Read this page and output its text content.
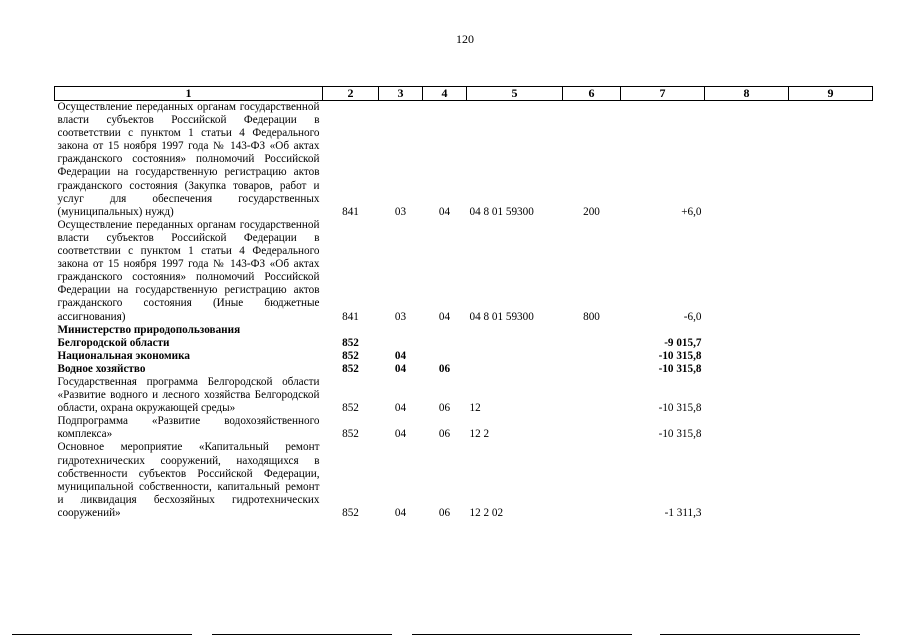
120
1	2	3	4	5	6	7	8	9
Осуществление переданных органам государственной власти субъектов Российской Федерации в соответствии с пунктом 1 статьи 4 Федерального закона от 15 ноября 1997 года № 143-ФЗ «Об актах гражданского состояния» полномочий Российской Федерации на государственную регистрацию актов гражданского состояния (Закупка товаров, работ и услуг для обеспечения государственных (муниципальных) нужд)	841	03	04	04 8 01 59300	200	+6,0		
Осуществление переданных органам государственной власти субъектов Российской Федерации в соответствии с пунктом 1 статьи 4 Федерального закона от 15 ноября 1997 года № 143-ФЗ «Об актах гражданского состояния» полномочий Российской Федерации на государственную регистрацию актов гражданского состояния (Иные бюджетные ассигнования)	841	03	04	04 8 01 59300	800	-6,0		
Министерство природопользования								
Белгородской области	852					-9 015,7		
Национальная экономика	852	04				-10 315,8		
Водное хозяйство	852	04	06			-10 315,8		
Государственная программа Белгородской области «Развитие водного и лесного хозяйства Белгородской области, охрана окружающей среды»	852	04	06	12		-10 315,8		
Подпрограмма «Развитие водохозяйственного комплекса»	852	04	06	12 2		-10 315,8		
Основное мероприятие «Капитальный ремонт гидротехнических сооружений, находящихся в собственности субъектов Российской Федерации, муниципальной собственности, капитальный ремонт и ликвидация бесхозяйных гидротехнических сооружений»	852	04	06	12 2 02		-1 311,3		
